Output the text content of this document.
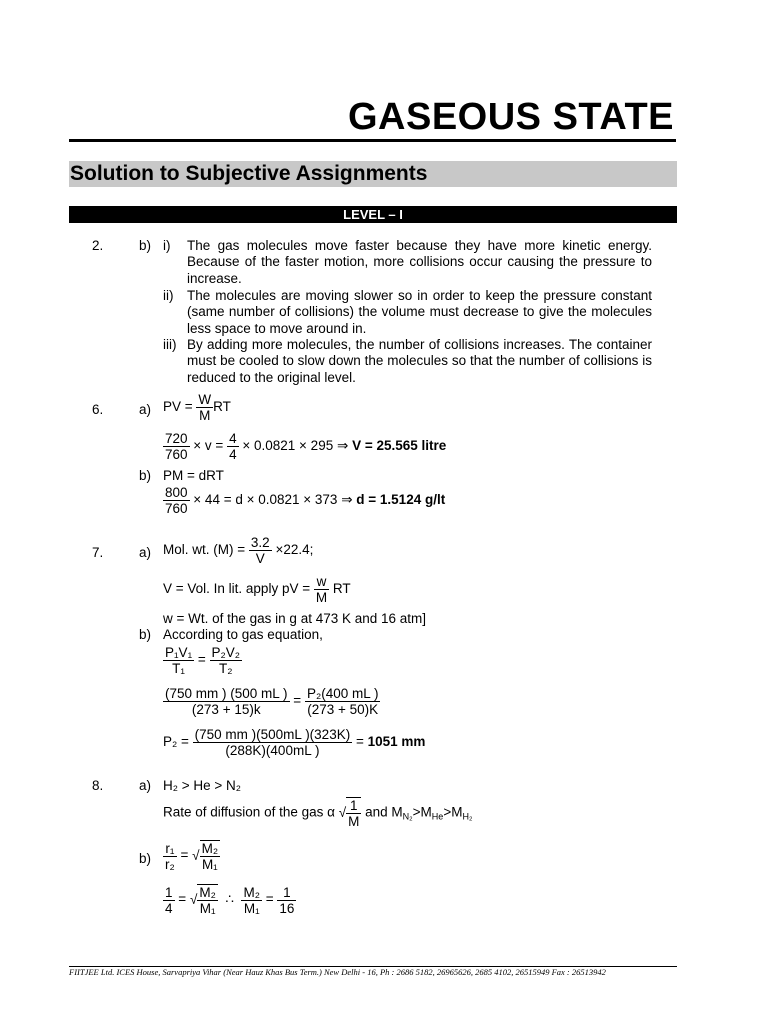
GASEOUS STATE
Solution to Subjective Assignments
LEVEL – I
2.	b) i) The gas molecules move faster because they have more kinetic energy. Because of the faster motion, more collisions occur causing the pressure to increase.
ii) The molecules are moving slower so in order to keep the pressure constant (same number of collisions) the volume must decrease to give the molecules less space to move around in.
iii) By adding more molecules, the number of collisions increases. The container must be cooled to slow down the molecules so that the number of collisions is reduced to the original level.
6.	a) PV = $\frac{W}{M}$ RT
$\frac{720}{760} \times v = \frac{4}{4} \times 0.0821 \times 295$ ⇒ V = 25.565 litre
b) PM = dRT
$\frac{800}{760} \times 44 = d \times 0.0821 \times 373$ ⇒ d = 1.5124 g/lt
7.	a) Mol. wt. $(M) = \frac{3.2}{V} \times 22.4$;
V = Vol. In lit. apply pV = $\frac{w}{M}$ RT
w = Wt. of the gas in g at 473 K and 16 atm]
b) According to gas equation,
$\frac{\text{P₁V₁}}{\text{T₁}} = \frac{\text{P₂V₂}}{\text{T₂}}$
$\frac{(750 mm ) (500 mL )}{(273 + 15)k} = \frac{\text{P₂(400 mL )}}{(273 + 50)K}$
$P_2 = \frac{(750 mm )(500mL )(323K)}{(288K)(400mL )} = 1051$ mm
8.	a) H₂ > He > N₂
Rate of diffusion of the gas α √ $\frac{1}{M}$ and $M_{N_2}>M_{He}>M_{H_2}$
$b) \frac{\text{r₁}}{\text{r₂}}$ = √ $\frac{\text{M₂}}{\text{M₁}}$
$\frac{1}{4}$ = √ $\frac{\text{M₂}}{\text{M₁}}$ ∴ $\frac{\text{M₂}}{\text{M₁}} = \frac{1}{16}$
FIITJEE Ltd. ICES House, Sarvapriya Vihar (Near Hauz Khas Bus Term.) New Delhi - 16, Ph : 2686 5182, 26965626, 2685 4102, 26515949 Fax : 26513942
